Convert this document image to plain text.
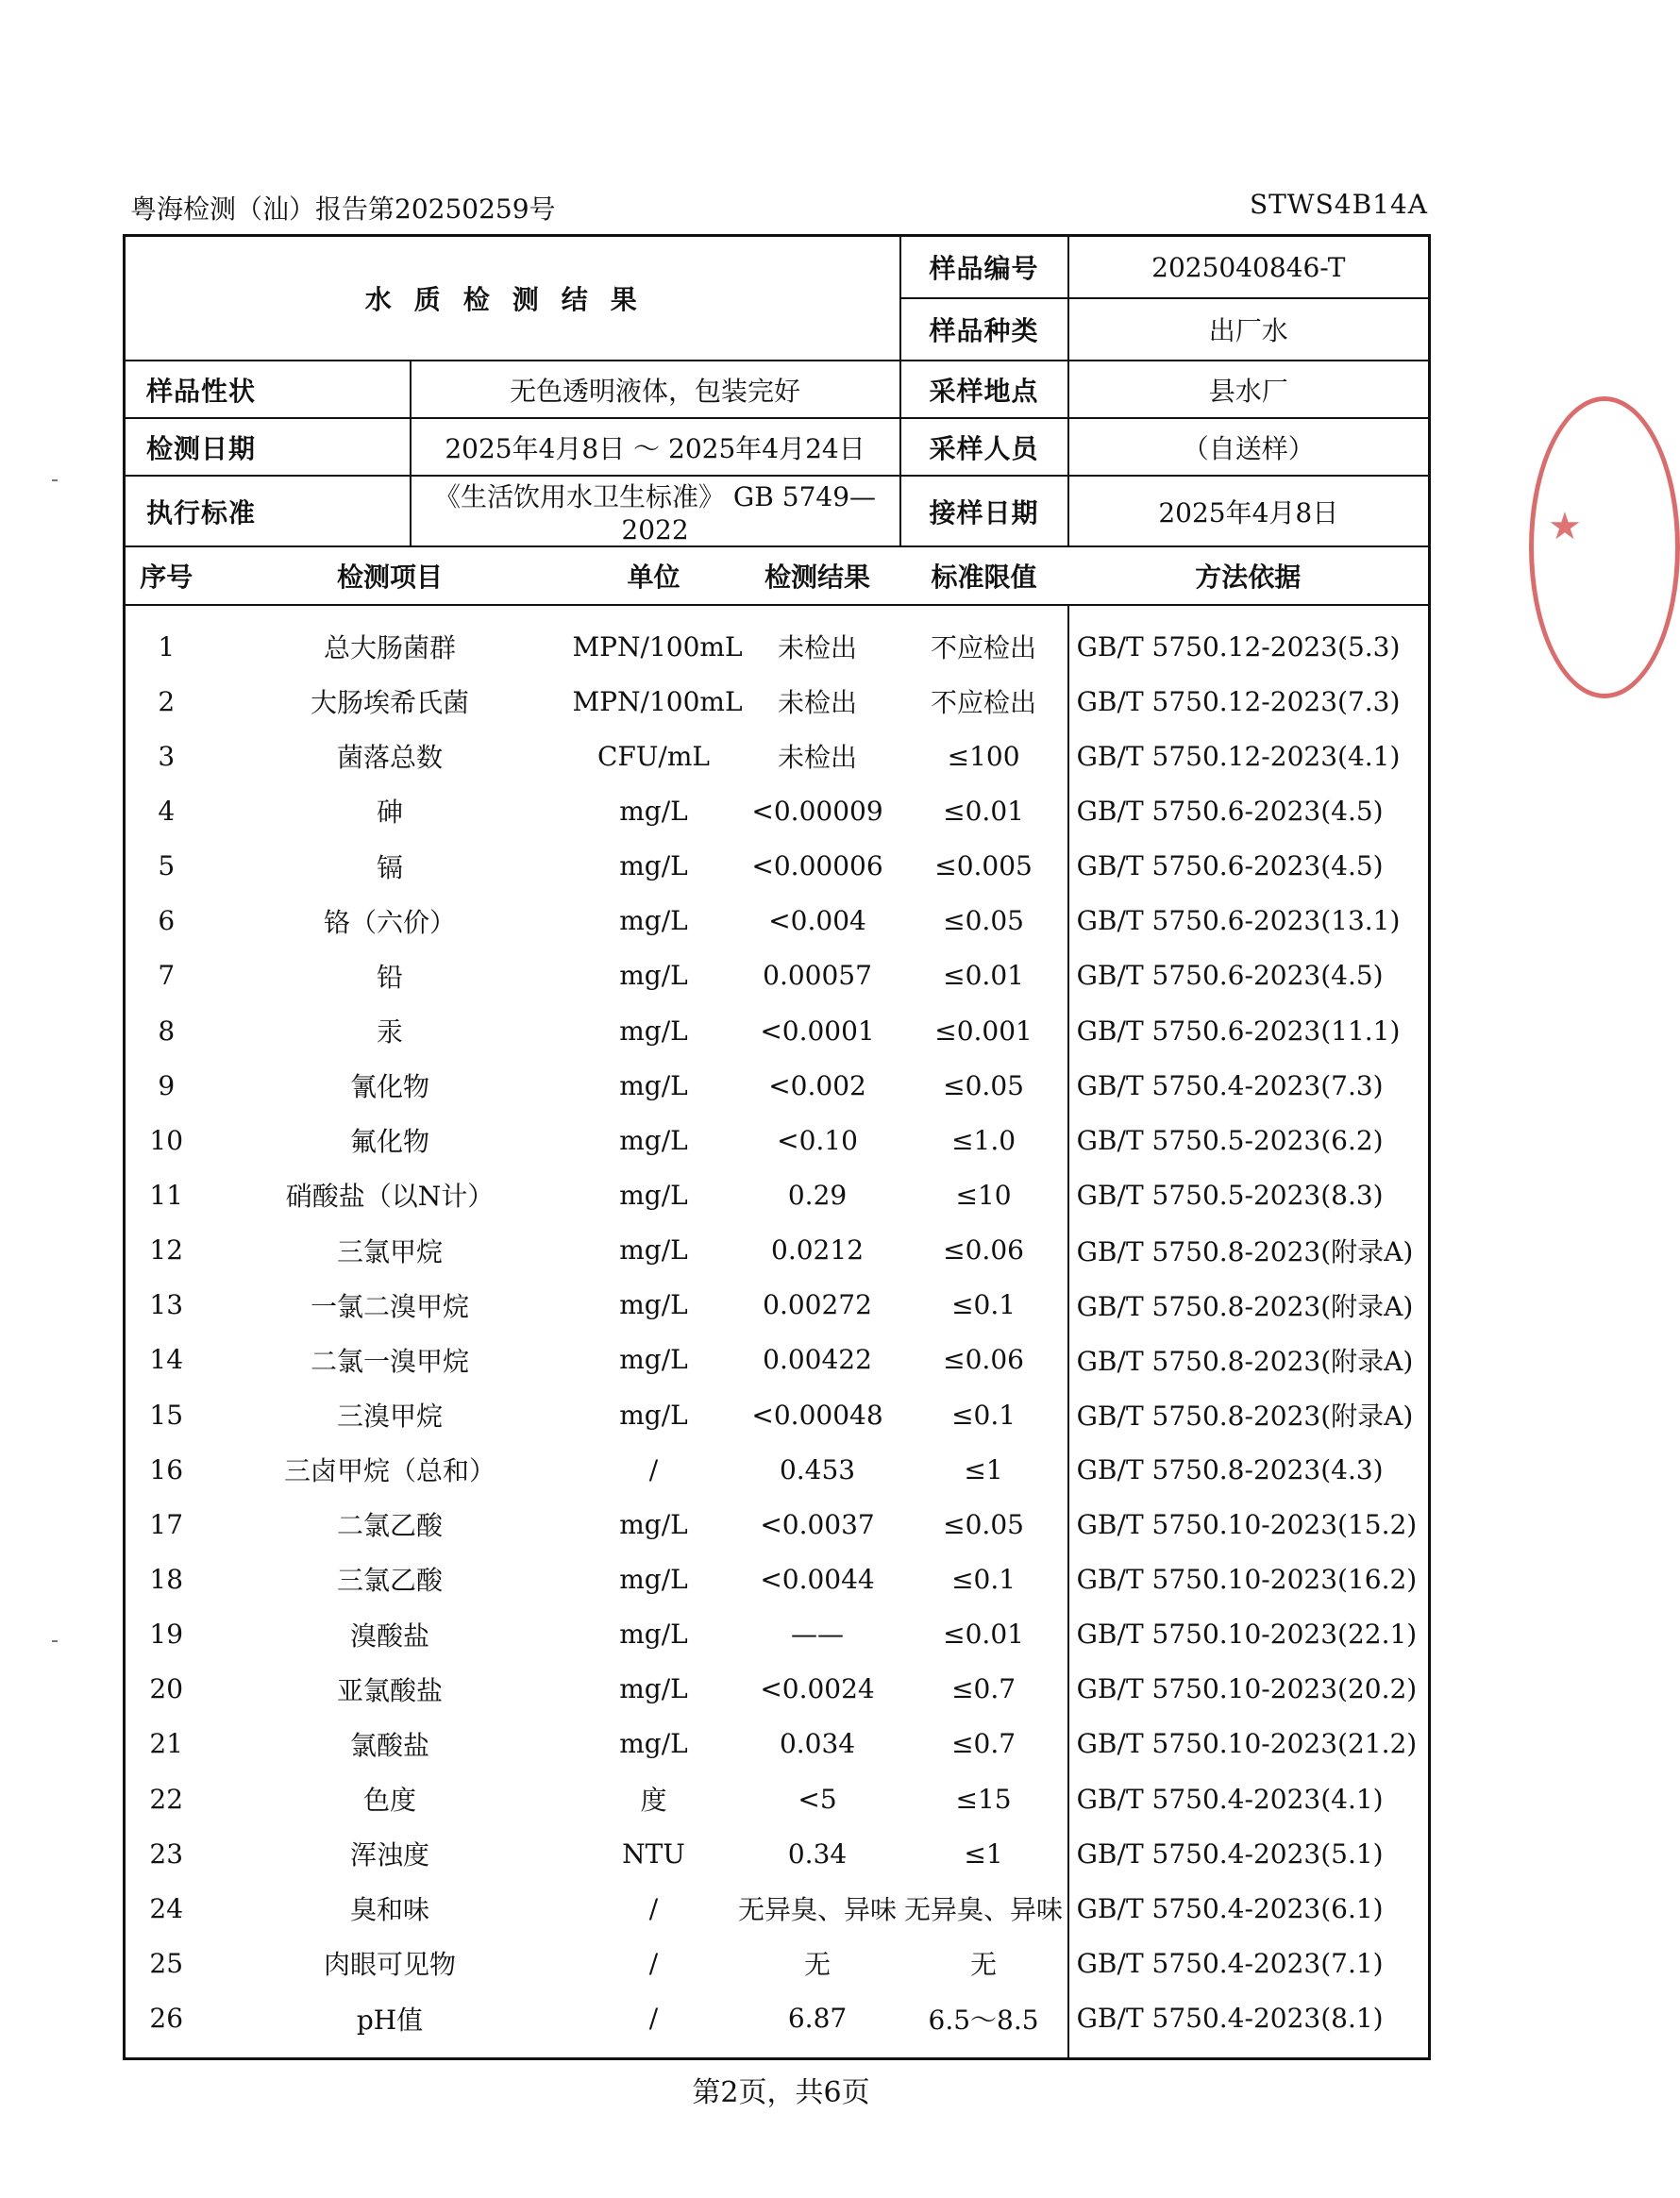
粤海检测（汕）报告第20250259号	STWS4B14A
水质检测结果					样品编号	2025040846-T
					样品种类	出厂水
样品性状		无色透明液体，包装完好			采样地点	县水厂
检测日期		2025年4月8日 ～ 2025年4月24日			采样人员	（自送样）
执行标准		《生活饮用水卫生标准》 GB 5749—2022			接样日期	2025年4月8日
序号	检测项目		单位	检测结果	标准限值	方法依据
1	总大肠菌群		MPN/100mL	未检出	不应检出	GB/T 5750.12-2023(5.3)
2	大肠埃希氏菌		MPN/100mL	未检出	不应检出	GB/T 5750.12-2023(7.3)
3	菌落总数		CFU/mL	未检出	≤100	GB/T 5750.12-2023(4.1)
4	砷		mg/L	<0.00009	≤0.01	GB/T 5750.6-2023(4.5)
5	镉		mg/L	<0.00006	≤0.005	GB/T 5750.6-2023(4.5)
6	铬（六价）		mg/L	<0.004	≤0.05	GB/T 5750.6-2023(13.1)
7	铅		mg/L	0.00057	≤0.01	GB/T 5750.6-2023(4.5)
8	汞		mg/L	<0.0001	≤0.001	GB/T 5750.6-2023(11.1)
9	氰化物		mg/L	<0.002	≤0.05	GB/T 5750.4-2023(7.3)
10	氟化物		mg/L	<0.10	≤1.0	GB/T 5750.5-2023(6.2)
11	硝酸盐（以N计）		mg/L	0.29	≤10	GB/T 5750.5-2023(8.3)
12	三氯甲烷		mg/L	0.0212	≤0.06	GB/T 5750.8-2023(附录A)
13	一氯二溴甲烷		mg/L	0.00272	≤0.1	GB/T 5750.8-2023(附录A)
14	二氯一溴甲烷		mg/L	0.00422	≤0.06	GB/T 5750.8-2023(附录A)
15	三溴甲烷		mg/L	<0.00048	≤0.1	GB/T 5750.8-2023(附录A)
16	三卤甲烷（总和）		/	0.453	≤1	GB/T 5750.8-2023(4.3)
17	二氯乙酸		mg/L	<0.0037	≤0.05	GB/T 5750.10-2023(15.2)
18	三氯乙酸		mg/L	<0.0044	≤0.1	GB/T 5750.10-2023(16.2)
19	溴酸盐		mg/L	——	≤0.01	GB/T 5750.10-2023(22.1)
20	亚氯酸盐		mg/L	<0.0024	≤0.7	GB/T 5750.10-2023(20.2)
21	氯酸盐		mg/L	0.034	≤0.7	GB/T 5750.10-2023(21.2)
22	色度		度	<5	≤15	GB/T 5750.4-2023(4.1)
23	浑浊度		NTU	0.34	≤1	GB/T 5750.4-2023(5.1)
24	臭和味		/	无异臭、异味	无异臭、异味	GB/T 5750.4-2023(6.1)
25	肉眼可见物		/	无	无	GB/T 5750.4-2023(7.1)
26	pH值		/	6.87	6.5～8.5	GB/T 5750.4-2023(8.1)
第2页，共6页
★
